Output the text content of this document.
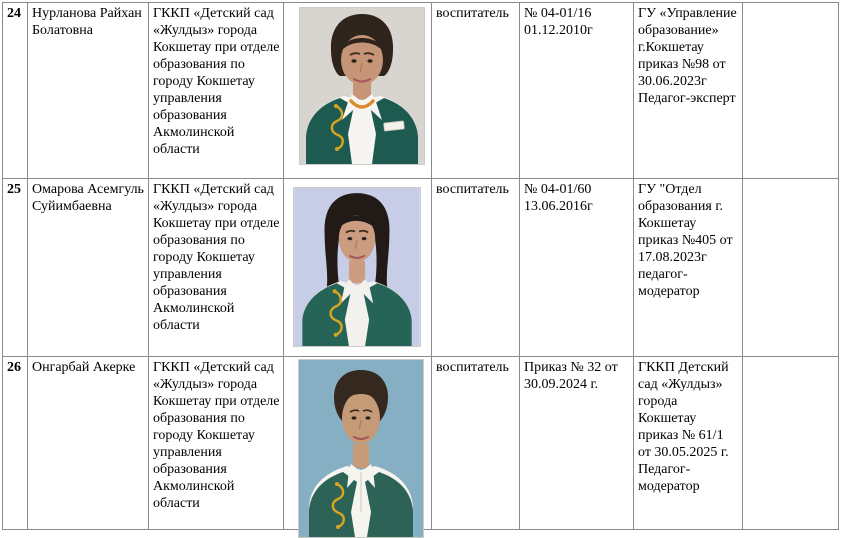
24	Нурланова Райхан Болатовна	ГККП «Детский сад «Жулдыз» города Кокшетау при отделе образования по городу Кокшетау управления образования Акмолинской области		воспитатель	№ 04-01/16 01.12.2010г	ГУ «Управление образование» г.Кокшетау приказ №98 от 30.06.2023г Педагог-эксперт	
25	Омарова Асемгуль Суйимбаевна	ГККП «Детский сад «Жулдыз» города Кокшетау при отделе образования по городу Кокшетау управления образования Акмолинской области		воспитатель	№ 04-01/60 13.06.2016г	ГУ "Отдел образования г. Кокшетау приказ №405 от 17.08.2023г педагог-модератор	
26	Онгарбай Акерке	ГККП «Детский сад «Жулдыз» города Кокшетау при отделе образования по городу Кокшетау управления образования Акмолинской области		воспитатель	Приказ № 32 от 30.09.2024 г.	ГККП Детский сад «Жулдыз» города Кокшетау приказ № 61/1 от 30.05.2025 г. Педагог-модератор	
